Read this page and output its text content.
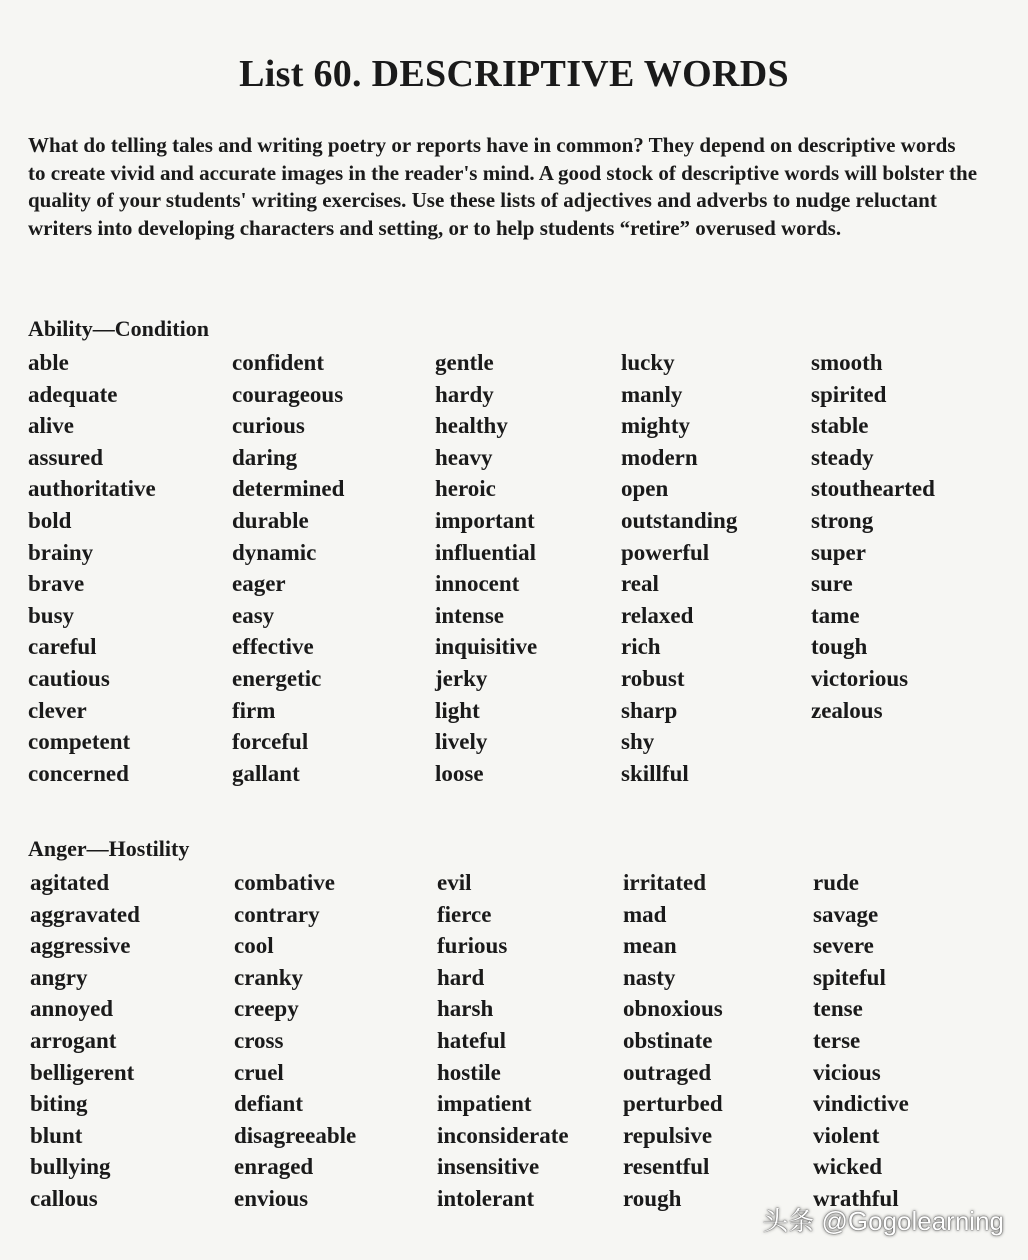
List 60. DESCRIPTIVE WORDS
What do telling tales and writing poetry or reports have in common? They depend on descriptive words to create vivid and accurate images in the reader's mind. A good stock of descriptive words will bolster the quality of your students' writing exercises. Use these lists of adjectives and adverbs to nudge reluctant writers into developing characters and setting, or to help students “retire” overused words.
Ability—Condition
able
adequate
alive
assured
authoritative
bold
brainy
brave
busy
careful
cautious
clever
competent
concerned
confident
courageous
curious
daring
determined
durable
dynamic
eager
easy
effective
energetic
firm
forceful
gallant
gentle
hardy
healthy
heavy
heroic
important
influential
innocent
intense
inquisitive
jerky
light
lively
loose
lucky
manly
mighty
modern
open
outstanding
powerful
real
relaxed
rich
robust
sharp
shy
skillful
smooth
spirited
stable
steady
stouthearted
strong
super
sure
tame
tough
victorious
zealous
Anger—Hostility
agitated
aggravated
aggressive
angry
annoyed
arrogant
belligerent
biting
blunt
bullying
callous
combative
contrary
cool
cranky
creepy
cross
cruel
defiant
disagreeable
enraged
envious
evil
fierce
furious
hard
harsh
hateful
hostile
impatient
inconsiderate
insensitive
intolerant
irritated
mad
mean
nasty
obnoxious
obstinate
outraged
perturbed
repulsive
resentful
rough
rude
savage
severe
spiteful
tense
terse
vicious
vindictive
violent
wicked
wrathful
头条 @Gogolearning
